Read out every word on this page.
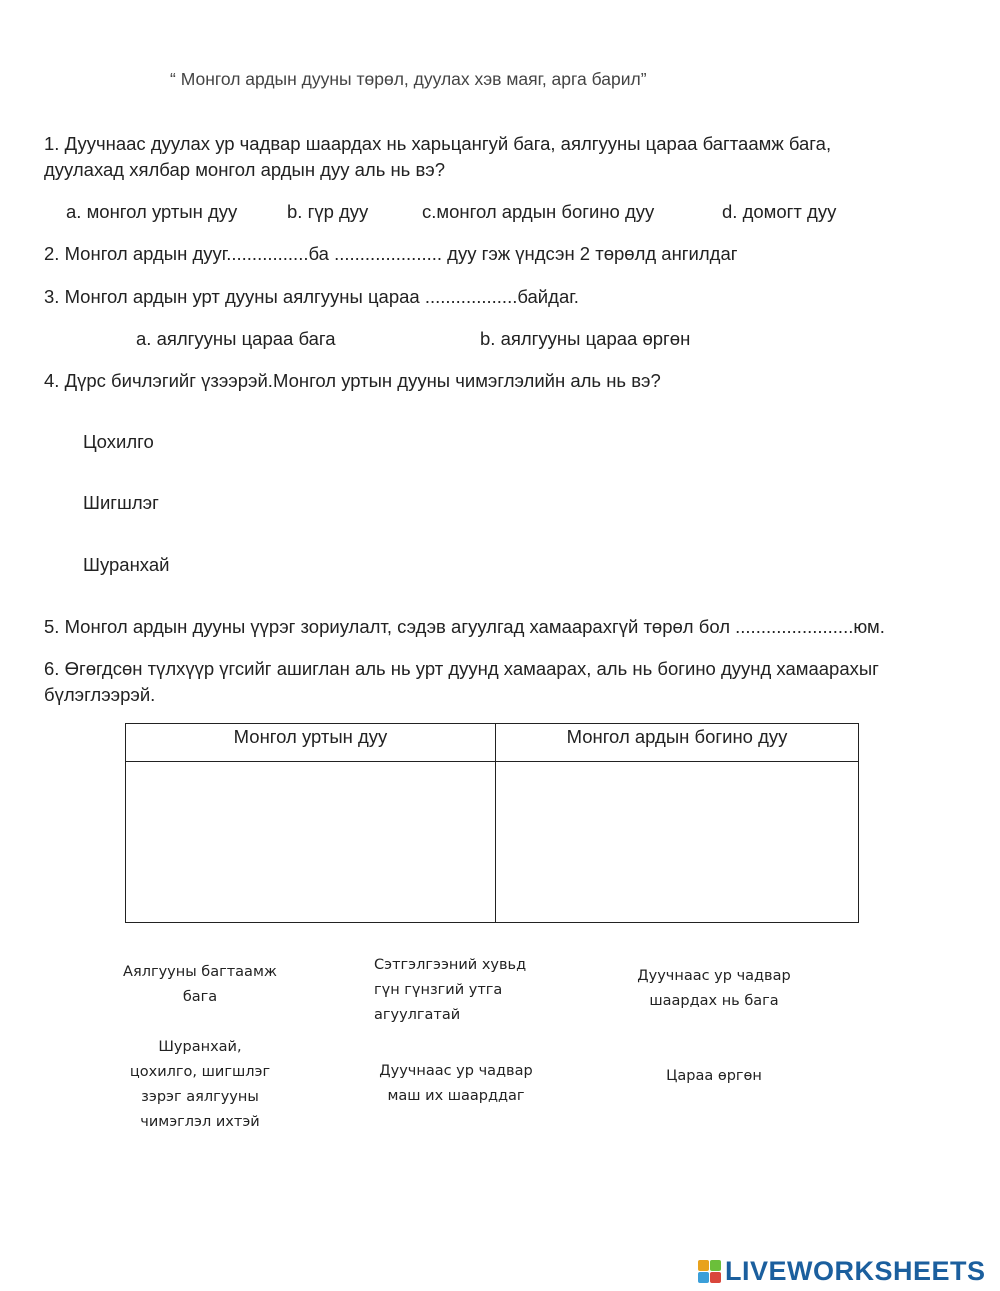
“ Монгол ардын дууны төрөл, дуулах хэв маяг, арга барил”
1. Дуучнаас дуулах ур чадвар шаардах нь харьцангуй бага, аялгууны цараа багтаамж бага,
дуулахад хялбар монгол ардын дуу аль нь вэ?
a. монгол уртын дуу	b. гүр дуу	c.монгол ардын богино дуу	d. домогт дуу
2. Монгол ардын дууг................ба ..................... дуу гэж үндсэн 2 төрөлд ангилдаг
3. Монгол ардын урт дууны аялгууны цараа ..................байдаг.
a. аялгууны цараа бага	b. аялгууны цараа өргөн
4. Дүрс бичлэгийг үзээрэй.Монгол уртын дууны чимэглэлийн аль нь вэ?
Цохилго
Шигшлэг
Шуранхай
5. Монгол ардын дууны үүрэг зориулалт, сэдэв агуулгад хамаарахгүй төрөл бол .......................юм.
6. Өгөгдсөн түлхүүр үгсийг ашиглан аль нь урт дуунд хамаарах, аль нь богино дуунд хамаарахыг
бүлэглээрэй.
Монгол уртын дуу	Монгол ардын богино дуу

Аялгууны багтаамж
бага
Сэтгэлгээний хувьд
гүн гүнзгий утга
агуулгатай
Дуучнаас ур чадвар
шаардах нь бага
Шуранхай,
цохилго, шигшлэг
зэрэг аялгууны
чимэглэл ихтэй
Дуучнаас ур чадвар
маш их шаарддаг
Цараа өргөн
LIVEWORKSHEETS
